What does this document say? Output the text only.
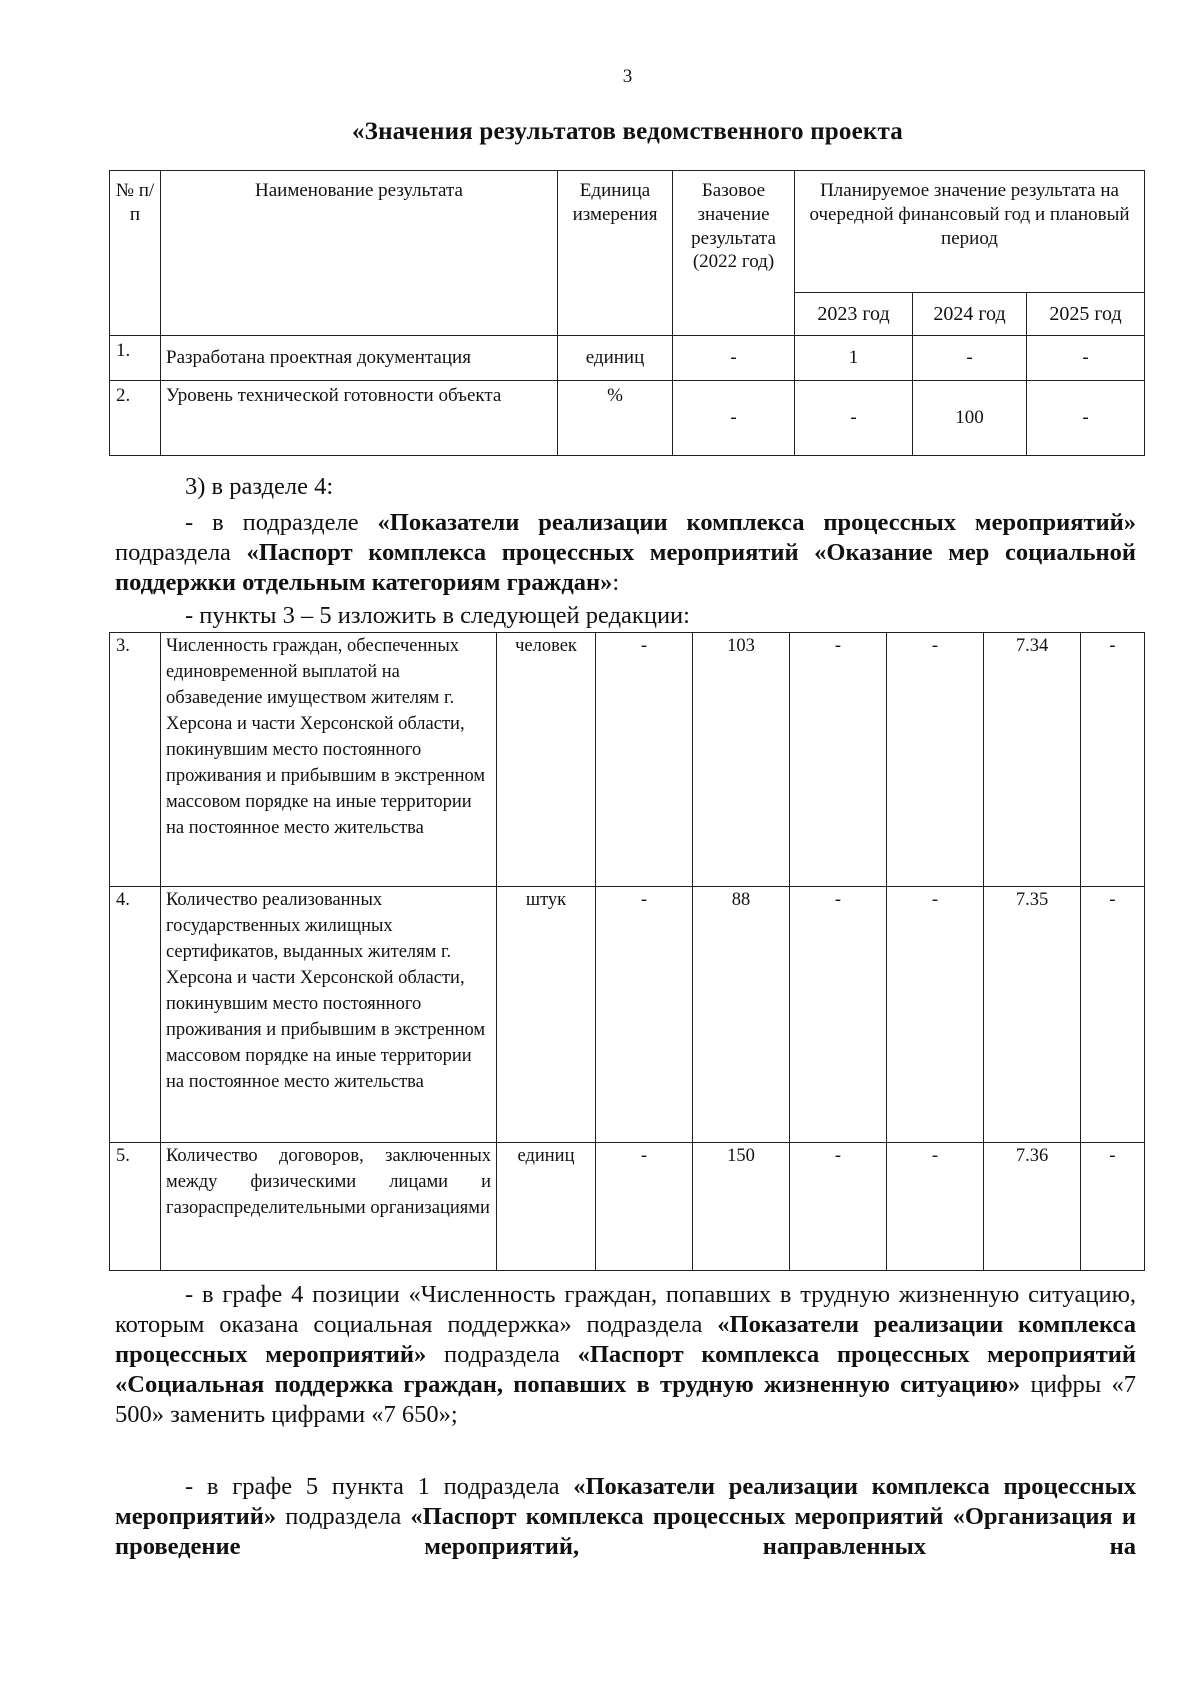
3
«Значения результатов ведомственного проекта
№ п/п	Наименование результата	Единица измерения	Базовое значение результата (2022 год)	Планируемое значение результата на очередной финансовый год и плановый период		
				2023 год	2024 год	2025 год
1.	Разработана проектная документация	единиц	-	1	-	-
2.	Уровень технической готовности объекта	%	-	-	100	-

3) в разделе 4:

- в подразделе «Показатели реализации комплекса процессных мероприятий» подраздела «Паспорт комплекса процессных мероприятий «Оказание мер социальной поддержки отдельным категориям граждан»:

- пункты 3 – 5 изложить в следующей редакции:

3.	Численность граждан, обеспеченных единовременной выплатой на обзаведение имуществом жителям г. Херсона и части Херсонской области, покинувшим место постоянного проживания и прибывшим в экстренном массовом порядке на иные территории на постоянное место жительства	человек	-	103	-	-	7.34	-
4.	Количество реализованных государственных жилищных сертификатов, выданных жителям г. Херсона и части Херсонской области, покинувшим место постоянного проживания и прибывшим в экстренном массовом порядке на иные территории на постоянное место жительства	штук	-	88	-	-	7.35	-
5.	Количество договоров, заключенных между физическими лицами и газораспределительными организациями	единиц	-	150	-	-	7.36	-

- в графе 4 позиции «Численность граждан, попавших в трудную жизненную ситуацию, которым оказана социальная поддержка» подраздела «Показатели реализации комплекса процессных мероприятий» подраздела «Паспорт комплекса процессных мероприятий «Социальная поддержка граждан, попавших в трудную жизненную ситуацию» цифры «7 500» заменить цифрами «7 650»;

- в графе 5 пункта 1 подраздела «Показатели реализации комплекса процессных мероприятий» подраздела «Паспорт комплекса процессных мероприятий «Организация и проведение мероприятий, направленных на
